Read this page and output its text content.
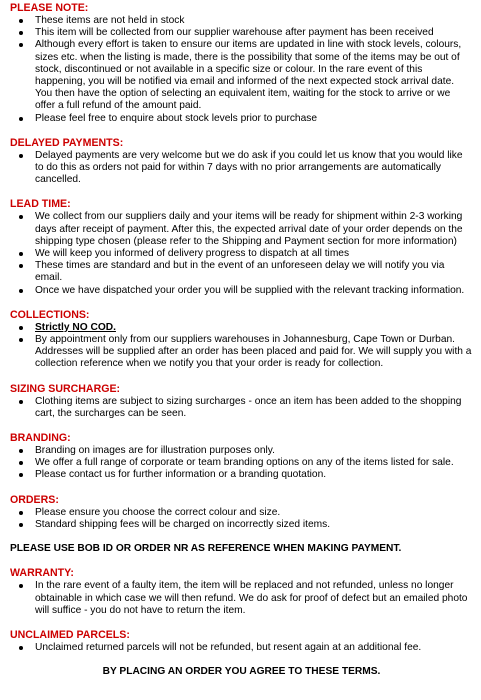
PLEASE NOTE:
These items are not held in stock
This item will be collected from our supplier warehouse after payment has been received
Although every effort is taken to ensure our items are updated in line with stock levels, colours, sizes etc. when the listing is made, there is the possibility that some of the items may be out of stock, discontinued or not available in a specific size or colour. In the rare event of this happening, you will be notified via email and informed of the next expected stock arrival date. You then have the option of selecting an equivalent item, waiting for the stock to arrive or we offer a full refund of the amount paid.
Please feel free to enquire about stock levels prior to purchase
DELAYED PAYMENTS:
Delayed payments are very welcome but we do ask if you could let us know that you would like to do this as orders not paid for within 7 days with no prior arrangements are automatically cancelled.
LEAD TIME:
We collect from our suppliers daily and your items will be ready for shipment within 2-3 working days after receipt of payment. After this, the expected arrival date of your order depends on the shipping type chosen (please refer to the Shipping and Payment section for more information)
We will keep you informed of delivery progress to dispatch at all times
These times are standard and but in the event of an unforeseen delay we will notify you via email.
Once we have dispatched your order you will be supplied with the relevant tracking information.
COLLECTIONS:
Strictly NO COD.
By appointment only from our suppliers warehouses in Johannesburg, Cape Town or Durban. Addresses will be supplied after an order has been placed and paid for. We will supply you with a collection reference when we notify you that your order is ready for collection.
SIZING SURCHARGE:
Clothing items are subject to sizing surcharges - once an item has been added to the shopping cart, the surcharges can be seen.
BRANDING:
Branding on images are for illustration purposes only.
We offer a full range of corporate or team branding options on any of the items listed for sale.
Please contact us for further information or a branding quotation.
ORDERS:
Please ensure you choose the correct colour and size.
Standard shipping fees will be charged on incorrectly sized items.
PLEASE USE BOB ID OR ORDER NR AS REFERENCE WHEN MAKING PAYMENT.
WARRANTY:
In the rare event of a faulty item, the item will be replaced and not refunded, unless no longer obtainable in which case we will then refund. We do ask for proof of defect but an emailed photo will suffice - you do not have to return the item.
UNCLAIMED PARCELS:
Unclaimed returned parcels will not be refunded, but resent again at an additional fee.
BY PLACING AN ORDER YOU AGREE TO THESE TERMS.
